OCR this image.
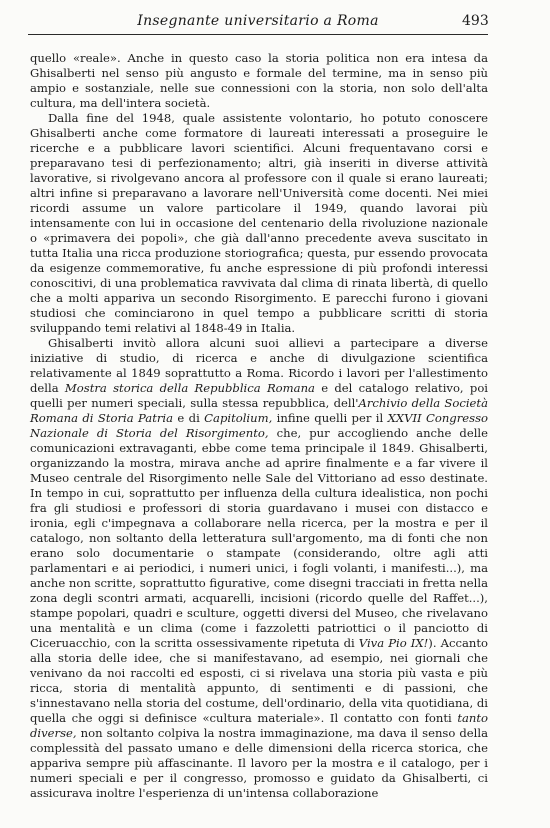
Insegnante universitario a Roma	493

quello «reale». Anche in questo caso la storia politica non era intesa da Ghisalberti nel senso più angusto e formale del termine, ma in senso più ampio e sostanziale, nelle sue connessioni con la storia, non solo dell'alta cultura, ma dell'intera società.

Dalla fine del 1948, quale assistente volontario, ho potuto conoscere Ghisalberti anche come formatore di laureati interessati a proseguire le ricerche e a pubblicare lavori scientifici. Alcuni frequentavano corsi e preparavano tesi di perfezionamento; altri, già inseriti in diverse attività lavorative, si rivolgevano ancora al professore con il quale si erano laureati; altri infine si preparavano a lavorare nell'Università come docenti. Nei miei ricordi assume un valore particolare il 1949, quando lavorai più intensamente con lui in occasione del centenario della rivoluzione nazionale o «primavera dei popoli», che già dall'anno precedente aveva suscitato in tutta Italia una ricca produzione storiografica; questa, pur essendo provocata da esigenze commemorative, fu anche espressione di più profondi interessi conoscitivi, di una problematica ravvivata dal clima di rinata libertà, di quello che a molti appariva un secondo Risorgimento. E parecchi furono i giovani studiosi che cominciarono in quel tempo a pubblicare scritti di storia sviluppando temi relativi al 1848-49 in Italia.

Ghisalberti invitò allora alcuni suoi allievi a partecipare a diverse iniziative di studio, di ricerca e anche di divulgazione scientifica relativamente al 1849 soprattutto a Roma. Ricordo i lavori per l'allestimento della Mostra storica della Repubblica Romana e del catalogo relativo, poi quelli per numeri speciali, sulla stessa repubblica, dell'Archivio della Società Romana di Storia Patria e di Capitolium, infine quelli per il XXVII Congresso Nazionale di Storia del Risorgimento, che, pur accogliendo anche delle comunicazioni extravaganti, ebbe come tema principale il 1849. Ghisalberti, organizzando la mostra, mirava anche ad aprire finalmente e a far vivere il Museo centrale del Risorgimento nelle Sale del Vittoriano ad esso destinate. In tempo in cui, soprattutto per influenza della cultura idealistica, non pochi fra gli studiosi e professori di storia guardavano i musei con distacco e ironia, egli c'impegnava a collaborare nella ricerca, per la mostra e per il catalogo, non soltanto della letteratura sull'argomento, ma di fonti che non erano solo documentarie o stampate (considerando, oltre agli atti parlamentari e ai periodici, i numeri unici, i fogli volanti, i manifesti...), ma anche non scritte, soprattutto figurative, come disegni tracciati in fretta nella zona degli scontri armati, acquarelli, incisioni (ricordo quelle del Raffet...), stampe popolari, quadri e sculture, oggetti diversi del Museo, che rivelavano una mentalità e un clima (come i fazzoletti patriottici o il panciotto di Ciceruacchio, con la scritta ossessivamente ripetuta di Viva Pio IX!). Accanto alla storia delle idee, che si manifestavano, ad esempio, nei giornali che venivano da noi raccolti ed esposti, ci si rivelava una storia più vasta e più ricca, storia di mentalità appunto, di sentimenti e di passioni, che s'innestavano nella storia del costume, dell'ordinario, della vita quotidiana, di quella che oggi si definisce «cultura materiale». Il contatto con fonti tanto diverse, non soltanto colpiva la nostra immaginazione, ma dava il senso della complessità del passato umano e delle dimensioni della ricerca storica, che appariva sempre più affascinante. Il lavoro per la mostra e il catalogo, per i numeri speciali e per il congresso, promosso e guidato da Ghisalberti, ci assicurava inoltre l'esperienza di un'intensa collaborazione
